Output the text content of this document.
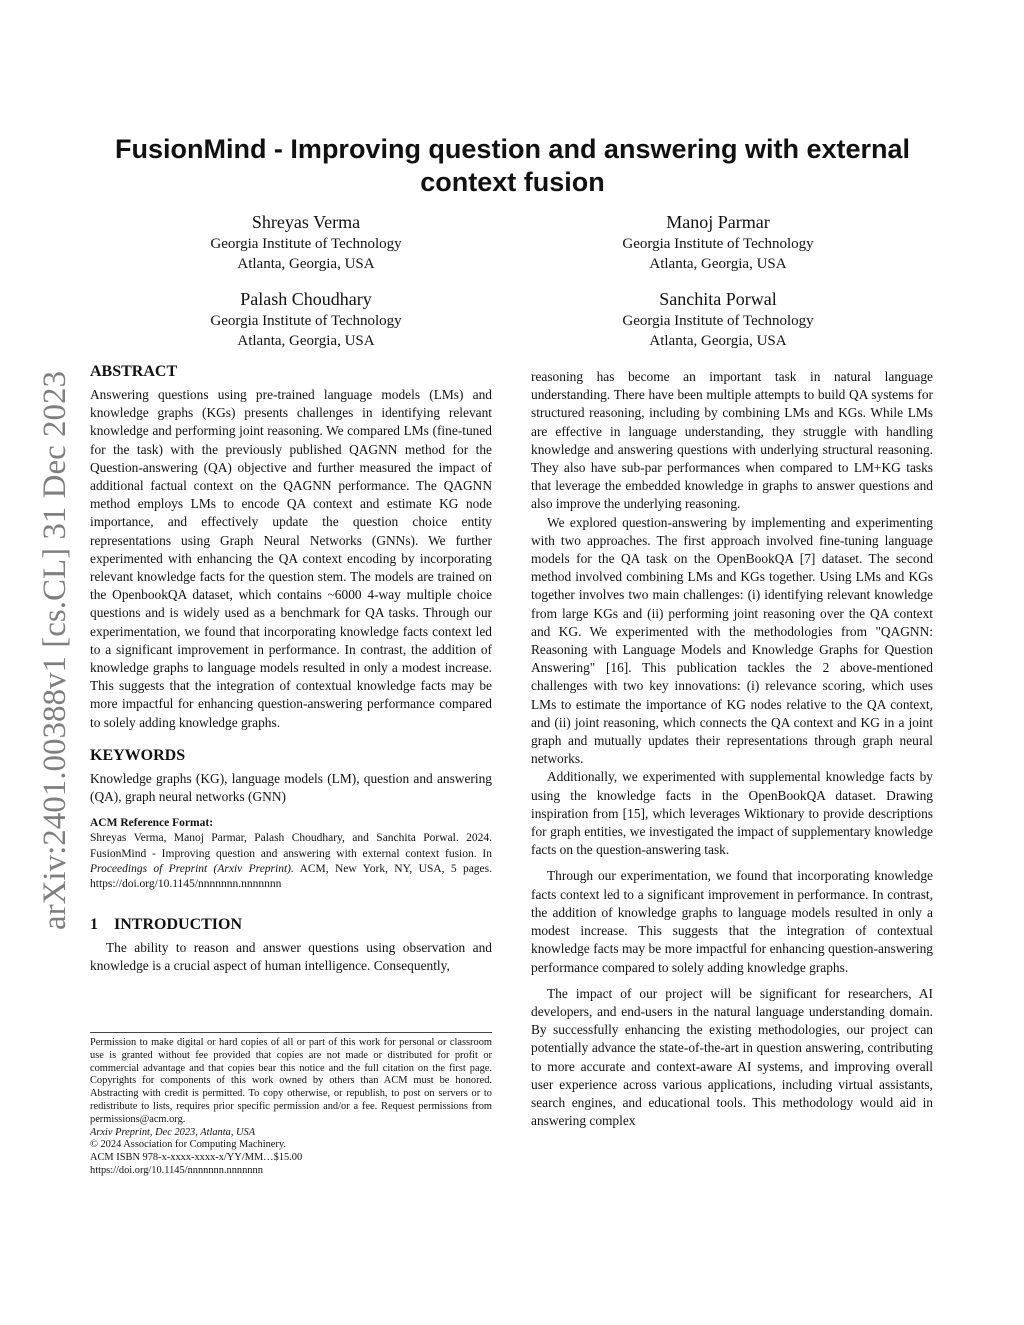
arXiv:2401.00388v1 [cs.CL] 31 Dec 2023
FusionMind - Improving question and answering with external context fusion
Shreyas Verma
Georgia Institute of Technology
Atlanta, Georgia, USA
Manoj Parmar
Georgia Institute of Technology
Atlanta, Georgia, USA
Palash Choudhary
Georgia Institute of Technology
Atlanta, Georgia, USA
Sanchita Porwal
Georgia Institute of Technology
Atlanta, Georgia, USA
ABSTRACT

Answering questions using pre-trained language models (LMs) and knowledge graphs (KGs) presents challenges in identifying relevant knowledge and performing joint reasoning. We compared LMs (fine-tuned for the task) with the previously published QAGNN method for the Question-answering (QA) objective and further measured the impact of additional factual context on the QAGNN performance. The QAGNN method employs LMs to encode QA context and estimate KG node importance, and effectively update the question choice entity representations using Graph Neural Networks (GNNs). We further experimented with enhancing the QA context encoding by incorporating relevant knowledge facts for the question stem. The models are trained on the OpenbookQA dataset, which contains ~6000 4-way multiple choice questions and is widely used as a benchmark for QA tasks. Through our experimentation, we found that incorporating knowledge facts context led to a significant improvement in performance. In contrast, the addition of knowledge graphs to language models resulted in only a modest increase. This suggests that the integration of contextual knowledge facts may be more impactful for enhancing question-answering performance compared to solely adding knowledge graphs.

KEYWORDS

Knowledge graphs (KG), language models (LM), question and answering (QA), graph neural networks (GNN)

ACM Reference Format:
Shreyas Verma, Manoj Parmar, Palash Choudhary, and Sanchita Porwal. 2024. FusionMind - Improving question and answering with external context fusion. In Proceedings of Preprint (Arxiv Preprint). ACM, New York, NY, USA, 5 pages. https://doi.org/10.1145/nnnnnnn.nnnnnnn
1 INTRODUCTION

The ability to reason and answer questions using observation and knowledge is a crucial aspect of human intelligence. Consequently,

Permission to make digital or hard copies of all or part of this work for personal or classroom use is granted without fee provided that copies are not made or distributed for profit or commercial advantage and that copies bear this notice and the full citation on the first page. Copyrights for components of this work owned by others than ACM must be honored. Abstracting with credit is permitted. To copy otherwise, or republish, to post on servers or to redistribute to lists, requires prior specific permission and/or a fee. Request permissions from permissions@acm.org.

Arxiv Preprint, Dec 2023, Atlanta, USA

© 2024 Association for Computing Machinery.

ACM ISBN 978-x-xxxx-xxxx-x/YY/MM…$15.00

https://doi.org/10.1145/nnnnnnn.nnnnnnn

reasoning has become an important task in natural language understanding. There have been multiple attempts to build QA systems for structured reasoning, including by combining LMs and KGs. While LMs are effective in language understanding, they struggle with handling knowledge and answering questions with underlying structural reasoning. They also have sub-par performances when compared to LM+KG tasks that leverage the embedded knowledge in graphs to answer questions and also improve the underlying reasoning.

We explored question-answering by implementing and experimenting with two approaches. The first approach involved fine-tuning language models for the QA task on the OpenBookQA [7] dataset. The second method involved combining LMs and KGs together. Using LMs and KGs together involves two main challenges: (i) identifying relevant knowledge from large KGs and (ii) performing joint reasoning over the QA context and KG. We experimented with the methodologies from "QAGNN: Reasoning with Language Models and Knowledge Graphs for Question Answering" [16]. This publication tackles the 2 above-mentioned challenges with two key innovations: (i) relevance scoring, which uses LMs to estimate the importance of KG nodes relative to the QA context, and (ii) joint reasoning, which connects the QA context and KG in a joint graph and mutually updates their representations through graph neural networks.

Additionally, we experimented with supplemental knowledge facts by using the knowledge facts in the OpenBookQA dataset. Drawing inspiration from [15], which leverages Wiktionary to provide descriptions for graph entities, we investigated the impact of supplementary knowledge facts on the question-answering task.

Through our experimentation, we found that incorporating knowledge facts context led to a significant improvement in performance. In contrast, the addition of knowledge graphs to language models resulted in only a modest increase. This suggests that the integration of contextual knowledge facts may be more impactful for enhancing question-answering performance compared to solely adding knowledge graphs.

The impact of our project will be significant for researchers, AI developers, and end-users in the natural language understanding domain. By successfully enhancing the existing methodologies, our project can potentially advance the state-of-the-art in question answering, contributing to more accurate and context-aware AI systems, and improving overall user experience across various applications, including virtual assistants, search engines, and educational tools. This methodology would aid in answering complex
